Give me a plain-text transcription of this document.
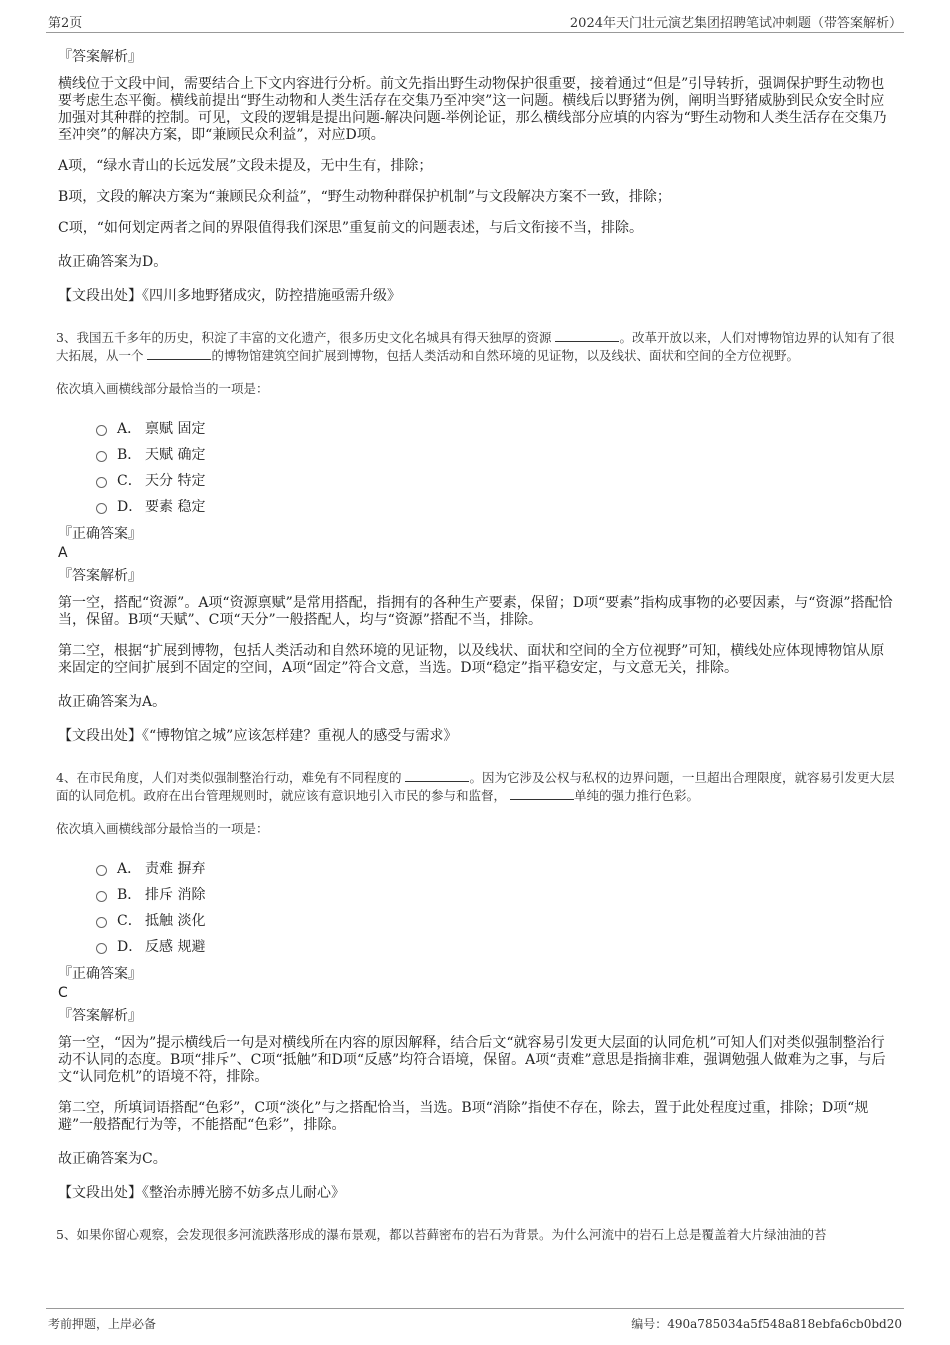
第2页	2024年天门壮元演艺集团招聘笔试冲刺题（带答案解析）
『答案解析』

横线位于文段中间，需要结合上下文内容进行分析。前文先指出野生动物保护很重要，接着通过“但是”引导转折，强调保护野生动物也要考虑生态平衡。横线前提出“野生动物和人类生活存在交集乃至冲突”这一问题。横线后以野猪为例，阐明当野猪威胁到民众安全时应加强对其种群的控制。可见，文段的逻辑是提出问题-解决问题-举例论证，那么横线部分应填的内容为“野生动物和人类生活存在交集乃至冲突”的解决方案，即“兼顾民众利益”，对应D项。

A项，“绿水青山的长远发展”文段未提及，无中生有，排除；

B项，文段的解决方案为“兼顾民众利益”，“野生动物种群保护机制”与文段解决方案不一致，排除；

C项，“如何划定两者之间的界限值得我们深思”重复前文的问题表述，与后文衔接不当，排除。

故正确答案为D。

【文段出处】《四川多地野猪成灾，防控措施亟需升级》

3、我国五千多年的历史，积淀了丰富的文化遗产，很多历史文化名城具有得天独厚的资源	。改革开放以来，人们对博物馆边界的认知有了很大拓展，从一个	的博物馆建筑空间扩展到博物，包括人类活动和自然环境的见证物，以及线状、面状和空间的全方位视野。

依次填入画横线部分最恰当的一项是：

A． 禀赋 固定
B． 天赋 确定
C． 天分 特定
D． 要素 稳定
『正确答案』
A
『答案解析』

第一空，搭配“资源”。A项“资源禀赋”是常用搭配，指拥有的各种生产要素，保留；D项“要素”指构成事物的必要因素，与“资源”搭配恰当，保留。B项“天赋”、C项“天分”一般搭配人，均与“资源”搭配不当，排除。

第二空，根据“扩展到博物，包括人类活动和自然环境的见证物，以及线状、面状和空间的全方位视野”可知，横线处应体现博物馆从原来固定的空间扩展到不固定的空间，A项“固定”符合文意，当选。D项“稳定”指平稳安定，与文意无关，排除。

故正确答案为A。

【文段出处】《“博物馆之城”应该怎样建？重视人的感受与需求》

4、在市民角度，人们对类似强制整治行动，难免有不同程度的	。因为它涉及公权与私权的边界问题，一旦超出合理限度，就容易引发更大层面的认同危机。政府在出台管理规则时，就应该有意识地引入市民的参与和监督，	单纯的强力推行色彩。

依次填入画横线部分最恰当的一项是：

A． 责难 摒弃
B． 排斥 消除
C． 抵触 淡化
D． 反感 规避
『正确答案』
C
『答案解析』

第一空，“因为”提示横线后一句是对横线所在内容的原因解释，结合后文“就容易引发更大层面的认同危机”可知人们对类似强制整治行动不认同的态度。B项“排斥”、C项“抵触”和D项“反感”均符合语境，保留。A项“责难”意思是指摘非难，强调勉强人做难为之事，与后文“认同危机”的语境不符，排除。

第二空，所填词语搭配“色彩”，C项“淡化”与之搭配恰当，当选。B项“消除”指使不存在，除去，置于此处程度过重，排除；D项“规避”一般搭配行为等，不能搭配“色彩”，排除。

故正确答案为C。

【文段出处】《整治赤膊光膀不妨多点儿耐心》

5、如果你留心观察，会发现很多河流跌落形成的瀑布景观，都以苔藓密布的岩石为背景。为什么河流中的岩石上总是覆盖着大片绿油油的苔

考前押题，上岸必备	编号：490a785034a5f548a818ebfa6cb0bd20
